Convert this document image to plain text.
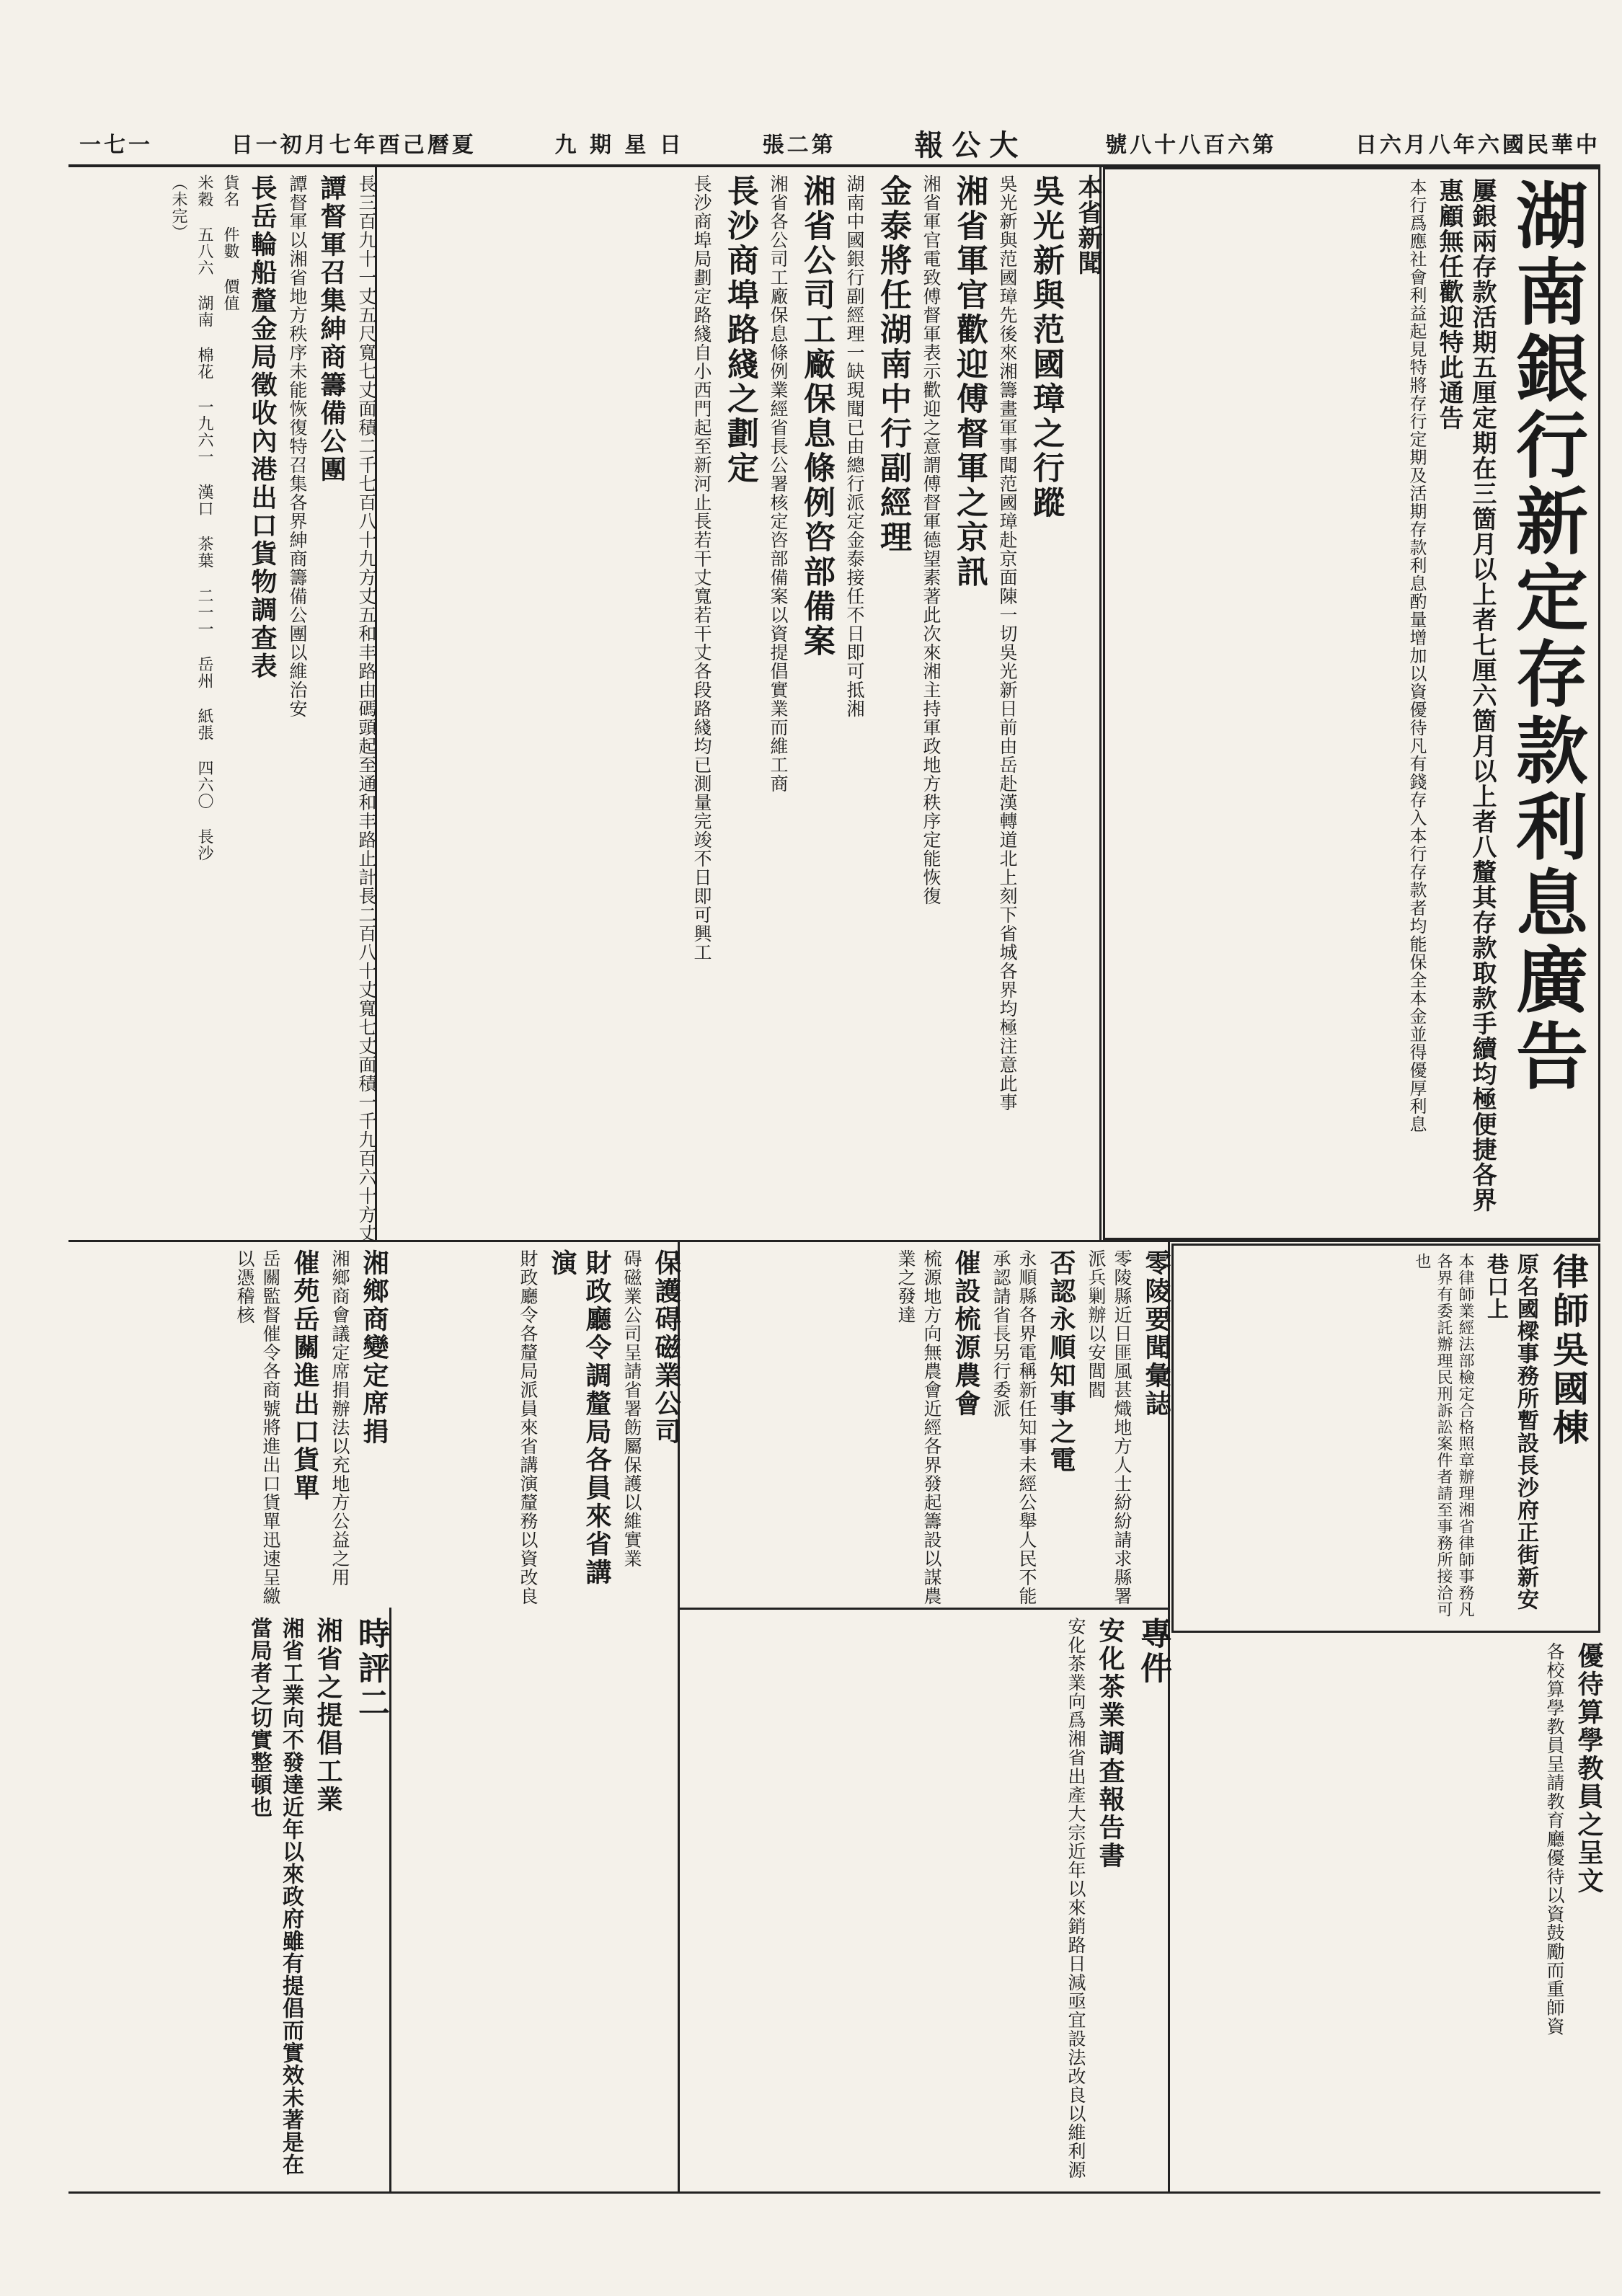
日六月八年六國民華中
號八十八百六第
報公大
張二第
九 期 星 日
日一初月七年酉己曆夏
一七一
湖南銀行新定存款利息廣告
屢銀兩存款活期五厘定期在三箇月以上者七厘六箇月以上者八釐其存款取款手續均極便捷各界惠顧無任歡迎特此通告
本行爲應社會利益起見特將存行定期及活期存款利息酌量增加以資優待凡有錢存入本行存款者均能保全本金並得優厚利息
本省新聞
吳光新與范國璋之行蹤
吳光新與范國璋先後來湘籌畫軍事聞范國璋赴京面陳一切吳光新日前由岳赴漢轉道北上刻下省城各界均極注意此事
湘省軍官歡迎傅督軍之京訊
湘省軍官電致傅督軍表示歡迎之意謂傅督軍德望素著此次來湘主持軍政地方秩序定能恢復
金泰將任湖南中行副經理
湖南中國銀行副經理一缺現聞已由總行派定金泰接任不日即可抵湘
湘省公司工廠保息條例咨部備案
湘省各公司工廠保息條例業經省長公署核定咨部備案以資提倡實業而維工商
長沙商埠路綫之劃定
長沙商埠局劃定路綫自小西門起至新河止長若干丈寬若干丈各段路綫均已測量完竣不日即可興工
長三百九十一丈五尺寬七丈面積二千七百八十九方丈五和丰路由碼頭起至通和丰路止計長二百八十丈寬七丈面積一千九百六十方丈
譚督軍召集紳商籌備公團
譚督軍以湘省地方秩序未能恢復特召集各界紳商籌備公團以維治安
長岳輪船釐金局徵收內港出口貨物調查表
貨名 件數 價值
米穀 五八六 湖南 棉花 一九六一 漢口 茶葉 二一一 岳州 紙張 四六〇 長沙
（未完）
律師吳國棟
原名國樑事務所暫設長沙府正街新安巷口上
本律師業經法部檢定合格照章辦理湘省律師事務凡各界有委託辦理民刑訴訟案件者請至事務所接洽可也
零陵要聞彙誌
零陵縣近日匪風甚熾地方人士紛紛請求縣署派兵剿辦以安閭閻
否認永順知事之電
永順縣各界電稱新任知事未經公舉人民不能承認請省長另行委派
催設梳源農會
梳源地方向無農會近經各界發起籌設以謀農業之發達
保護碍磁業公司
碍磁業公司呈請省署飭屬保護以維實業
財政廳令調釐局各員來省講演
財政廳令各釐局派員來省講演釐務以資改良
湘鄉商變定席捐
湘鄉商會議定席捐辦法以充地方公益之用
催苑岳關進出口貨單
岳關監督催令各商號將進出口貨單迅速呈繳以憑稽核
優待算學教員之呈文
各校算學教員呈請教育廳優待以資鼓勵而重師資
專件
安化茶業調查報告書
安化茶業向爲湘省出產大宗近年以來銷路日減亟宜設法改良以維利源
時評二
湘省之提倡工業
湘省工業向不發達近年以來政府雖有提倡而實效未著是在當局者之切實整頓也
